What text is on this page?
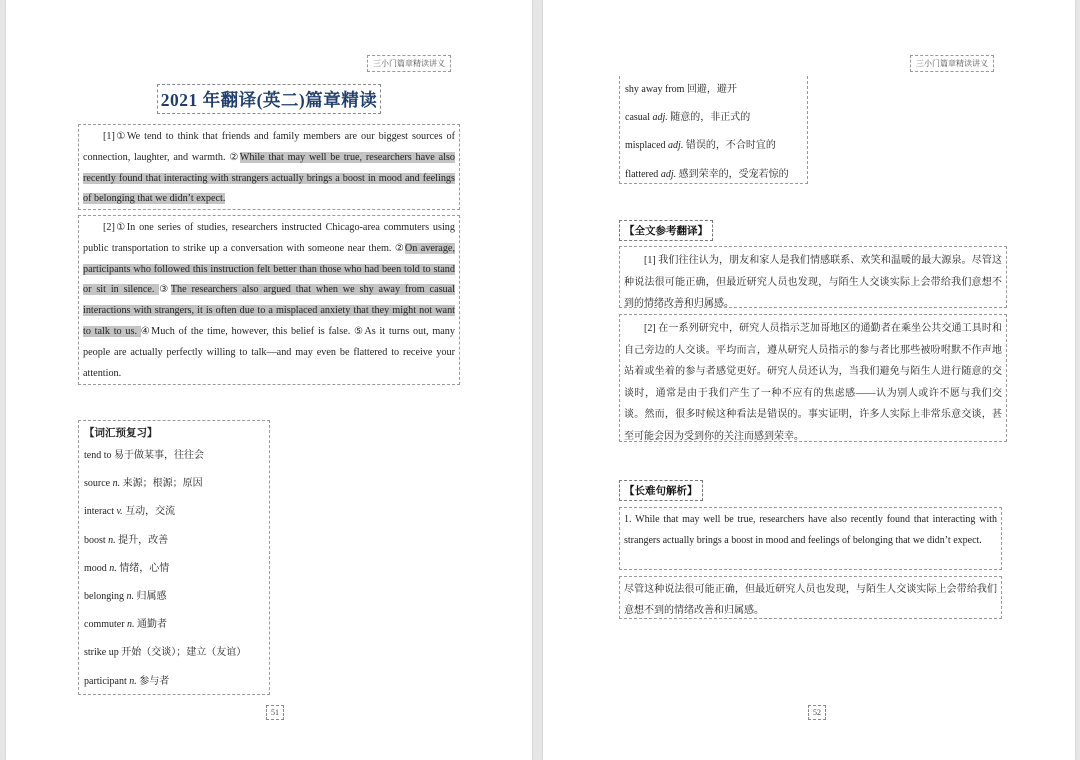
三小门篇章精读讲义
2021 年翻译(英二)篇章精读
[1]①We tend to think that friends and family members are our biggest sources of connection, laughter, and warmth. ②While that may well be true, researchers have also recently found that interacting with strangers actually brings a boost in mood and feelings of belonging that we didn’t expect.
[2]①In one series of studies, researchers instructed Chicago-area commuters using public transportation to strike up a conversation with someone near them. ②On average, participants who followed this instruction felt better than those who had been told to stand or sit in silence. ③The researchers also argued that when we shy away from casual interactions with strangers, it is often due to a misplaced anxiety that they might not want to talk to us. ④Much of the time, however, this belief is false. ⑤As it turns out, many people are actually perfectly willing to talk—and may even be flattered to receive your attention.
【词汇预复习】
tend to 易于做某事，往往会
source n. 来源；根源；原因
interact v. 互动，交流
boost n. 提升，改善
mood n. 情绪，心情
belonging n. 归属感
commuter n. 通勤者
strike up 开始（交谈）；建立（友谊）
participant n. 参与者
51
三小门篇章精读讲义
shy away from 回避，避开
casual adj. 随意的，非正式的
misplaced adj. 错误的，不合时宜的
flattered adj. 感到荣幸的，受宠若惊的
【全文参考翻译】
[1] 我们往往认为，朋友和家人是我们情感联系、欢笑和温暖的最大源泉。尽管这种说法很可能正确，但最近研究人员也发现，与陌生人交谈实际上会带给我们意想不到的情绪改善和归属感。
[2] 在一系列研究中，研究人员指示芝加哥地区的通勤者在乘坐公共交通工具时和自己旁边的人交谈。平均而言，遵从研究人员指示的参与者比那些被吩咐默不作声地站着或坐着的参与者感觉更好。研究人员还认为，当我们避免与陌生人进行随意的交谈时，通常是由于我们产生了一种不应有的焦虑感——认为别人或许不愿与我们交谈。然而，很多时候这种看法是错误的。事实证明，许多人实际上非常乐意交谈，甚至可能会因为受到你的关注而感到荣幸。
【长难句解析】
1. While that may well be true, researchers have also recently found that interacting with strangers actually brings a boost in mood and feelings of belonging that we didn’t expect.
尽管这种说法很可能正确，但最近研究人员也发现，与陌生人交谈实际上会带给我们意想不到的情绪改善和归属感。
52
